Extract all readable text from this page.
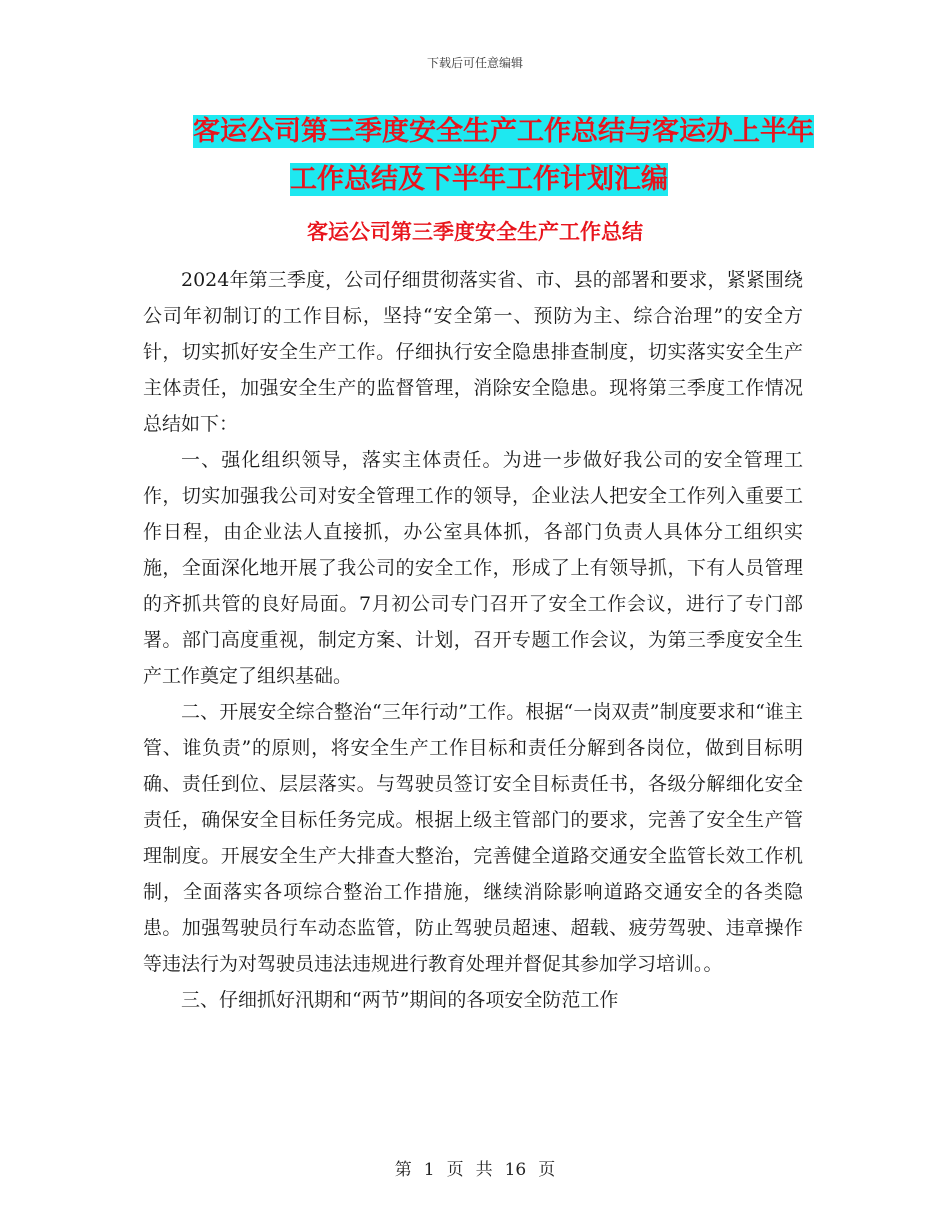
下载后可任意编辑
客运公司第三季度安全生产工作总结与客运办上半年
工作总结及下半年工作计划汇编
客运公司第三季度安全生产工作总结

2024年第三季度，公司仔细贯彻落实省、市、县的部署和要求，紧紧围绕公司年初制订的工作目标，坚持“安全第一、预防为主、综合治理”的安全方针，切实抓好安全生产工作。仔细执行安全隐患排查制度，切实落实安全生产主体责任，加强安全生产的监督管理，消除安全隐患。现将第三季度工作情况总结如下：

一、强化组织领导，落实主体责任。为进一步做好我公司的安全管理工作，切实加强我公司对安全管理工作的领导，企业法人把安全工作列入重要工作日程，由企业法人直接抓，办公室具体抓，各部门负责人具体分工组织实施，全面深化地开展了我公司的安全工作，形成了上有领导抓，下有人员管理的齐抓共管的良好局面。7月初公司专门召开了安全工作会议，进行了专门部署。部门高度重视，制定方案、计划，召开专题工作会议，为第三季度安全生产工作奠定了组织基础。

二、开展安全综合整治“三年行动”工作。根据“一岗双责”制度要求和“谁主管、谁负责”的原则，将安全生产工作目标和责任分解到各岗位，做到目标明确、责任到位、层层落实。与驾驶员签订安全目标责任书，各级分解细化安全责任，确保安全目标任务完成。根据上级主管部门的要求，完善了安全生产管理制度。开展安全生产大排查大整治，完善健全道路交通安全监管长效工作机制，全面落实各项综合整治工作措施，继续消除影响道路交通安全的各类隐患。加强驾驶员行车动态监管，防止驾驶员超速、超载、疲劳驾驶、违章操作等违法行为对驾驶员违法违规进行教育处理并督促其参加学习培训。。

三、仔细抓好汛期和“两节”期间的各项安全防范工作

第 1 页 共 16 页
